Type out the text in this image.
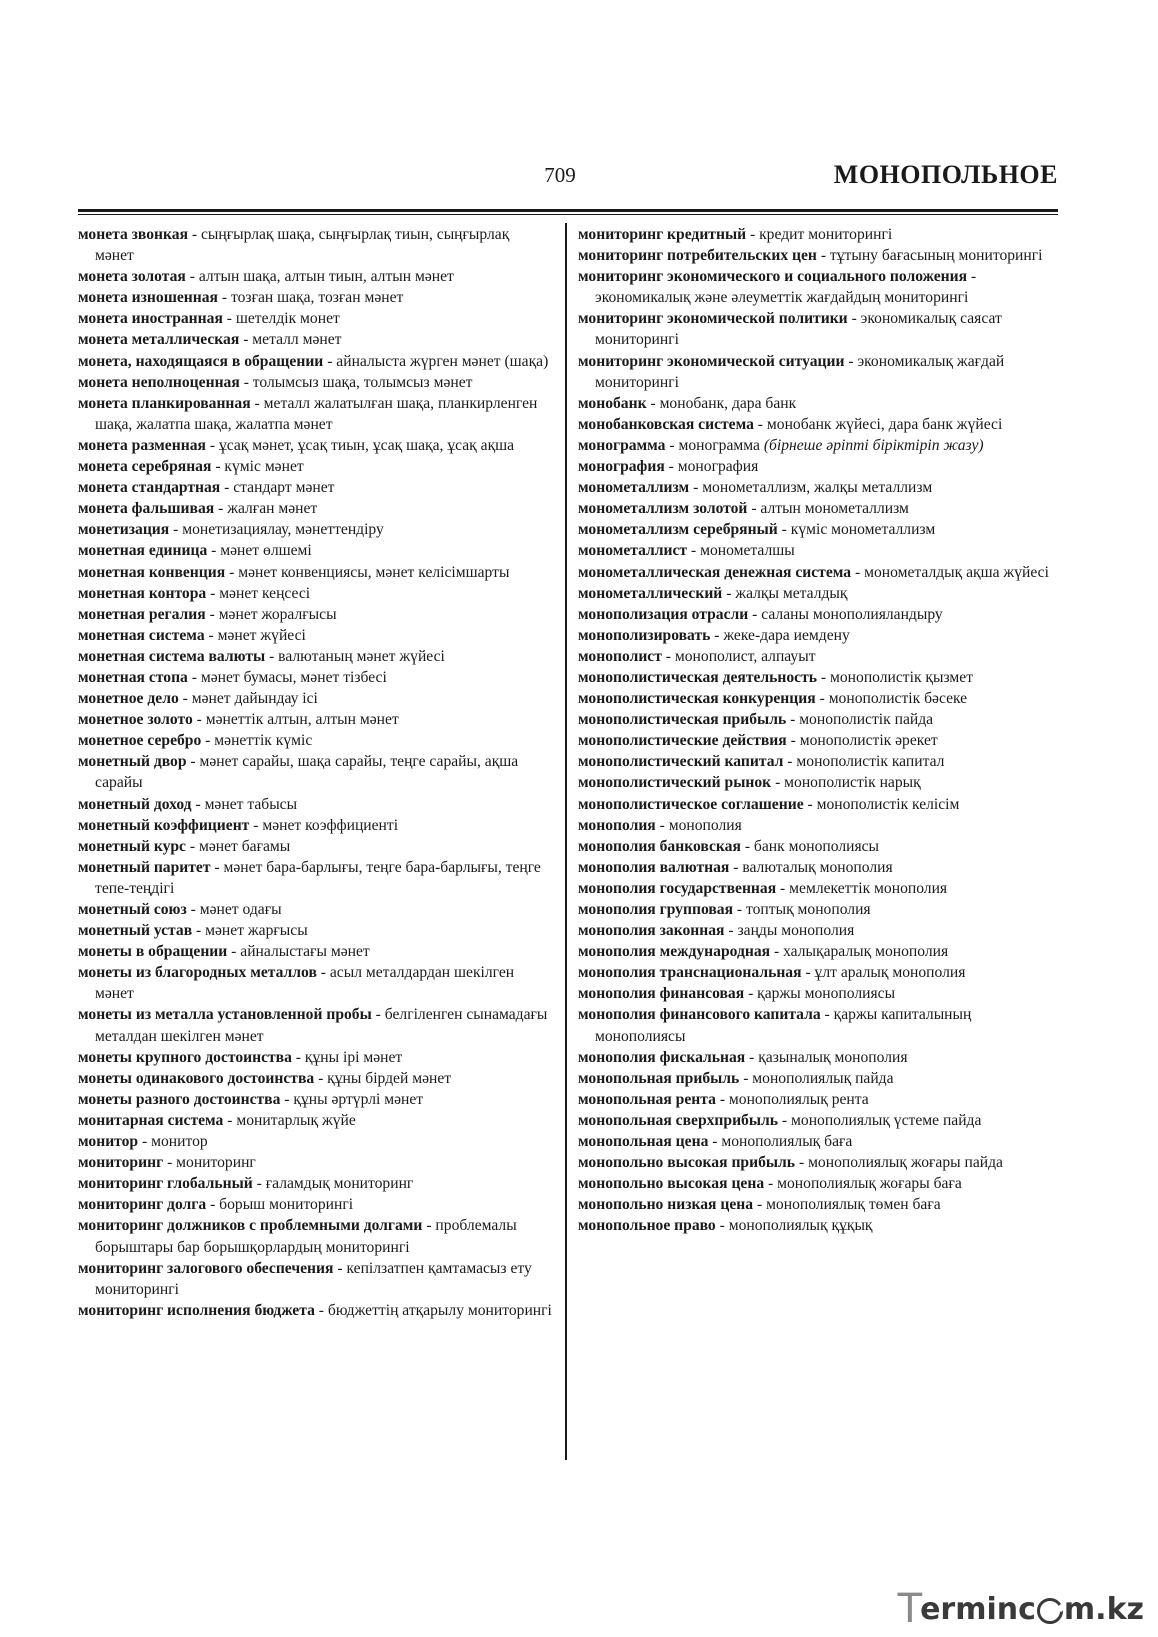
709	МОНОПОЛЬНОЕ

монета звонкая - сыңғырлақ шақа, сыңғырлақ тиын, сыңғырлақ мәнет

монета золотая - алтын шақа, алтын тиын, алтын мәнет

монета изношенная - тозған шақа, тозған мәнет

монета иностранная - шетелдік монет

монета металлическая - металл мәнет

монета, находящаяся в обращении - айналыста жүрген мәнет (шақа)

монета неполноценная - толымсыз шақа, толымсыз мәнет

монета планкированная - металл жалатылған шақа, планкирленген шақа, жалатпа шақа, жалатпа мәнет

монета разменная - ұсақ мәнет, ұсақ тиын, ұсақ шақа, ұсақ ақша

монета серебряная - күміс мәнет

монета стандартная - стандарт мәнет

монета фальшивая - жалған мәнет

монетизация - монетизациялау, мәнеттендіру

монетная единица - мәнет өлшемі

монетная конвенция - мәнет конвенциясы, мәнет келісімшарты

монетная контора - мәнет кеңсесі

монетная регалия - мәнет жоралғысы

монетная система - мәнет жүйесі

монетная система валюты - валютаның мәнет жүйесі

монетная стопа - мәнет бумасы, мәнет тізбесі

монетное дело - мәнет дайындау ісі

монетное золото - мәнеттік алтын, алтын мәнет

монетное серебро - мәнеттік күміс

монетный двор - мәнет сарайы, шақа сарайы, теңге сарайы, ақша сарайы

монетный доход - мәнет табысы

монетный коэффициент - мәнет коэффициенті

монетный курс - мәнет бағамы

монетный паритет - мәнет бара-барлығы, теңге бара-барлығы, теңге тепе-теңдігі

монетный союз - мәнет одағы

монетный устав - мәнет жарғысы

монеты в обращении - айналыстағы мәнет

монеты из благородных металлов - асыл металдардан шекілген мәнет

монеты из металла установленной пробы - белгіленген сынамадағы металдан шекілген мәнет

монеты крупного достоинства - құны ірі мәнет

монеты одинакового достоинства - құны бірдей мәнет

монеты разного достоинства - құны әртүрлі мәнет

монитарная система - монитарлық жүйе

монитор - монитор

мониторинг - мониторинг

мониторинг глобальный - ғаламдық мониторинг

мониторинг долга - борыш мониторингі

мониторинг должников с проблемными долгами - проблемалы борыштары бар борышқорлардың мониторингі

мониторинг залогового обеспечения - кепілзатпен қамтамасыз ету мониторингі

мониторинг исполнения бюджета - бюджеттің атқарылу мониторингі

мониторинг кредитный - кредит мониторингі

мониторинг потребительских цен - тұтыну бағасының мониторингі

мониторинг экономического и социального положения - экономикалық және әлеуметтік жағдайдың мониторингі

мониторинг экономической политики - экономикалық саясат мониторингі

мониторинг экономической ситуации - экономикалық жағдай мониторингі

монобанк - монобанк, дара банк

монобанковская система - монобанк жүйесі, дара банк жүйесі

монограмма - монограмма (бірнеше әріпті біріктіріп жазу)

монография - монография

монометаллизм - монометаллизм, жалқы металлизм

монометаллизм золотой - алтын монометаллизм

монометаллизм серебряный - күміс монометаллизм

монометаллист - монометалшы

монометаллическая денежная система - монометалдық ақша жүйесі

монометаллический - жалқы металдық

монополизация отрасли - саланы монополияландыру

монополизировать - жеке-дара иемдену

монополист - монополист, алпауыт

монополистическая деятельность - монополистік қызмет

монополистическая конкуренция - монополистік бәсеке

монополистическая прибыль - монополистік пайда

монополистические действия - монополистік әрекет

монополистический капитал - монополистік капитал

монополистический рынок - монополистік нарық

монополистическое соглашение - монополистік келісім

монополия - монополия

монополия банковская - банк монополиясы

монополия валютная - валюталық монополия

монополия государственная - мемлекеттік монополия

монополия групповая - топтық монополия

монополия законная - заңды монополия

монополия международная - халықаралық монополия

монополия транснациональная - ұлт аралық монополия

монополия финансовая - қаржы монополиясы

монополия финансового капитала - қаржы капиталының монополиясы

монополия фискальная - қазыналық монополия

монопольная прибыль - монополиялық пайда

монопольная рента - монополиялық рента

монопольная сверхприбыль - монополиялық үстеме пайда

монопольная цена - монополиялық баға

монопольно высокая прибыль - монополиялық жоғары пайда

монопольно высокая цена - монополиялық жоғары баға

монопольно низкая цена - монополиялық төмен баға

монопольное право - монополиялық құқық

T
ermin c m.kz
